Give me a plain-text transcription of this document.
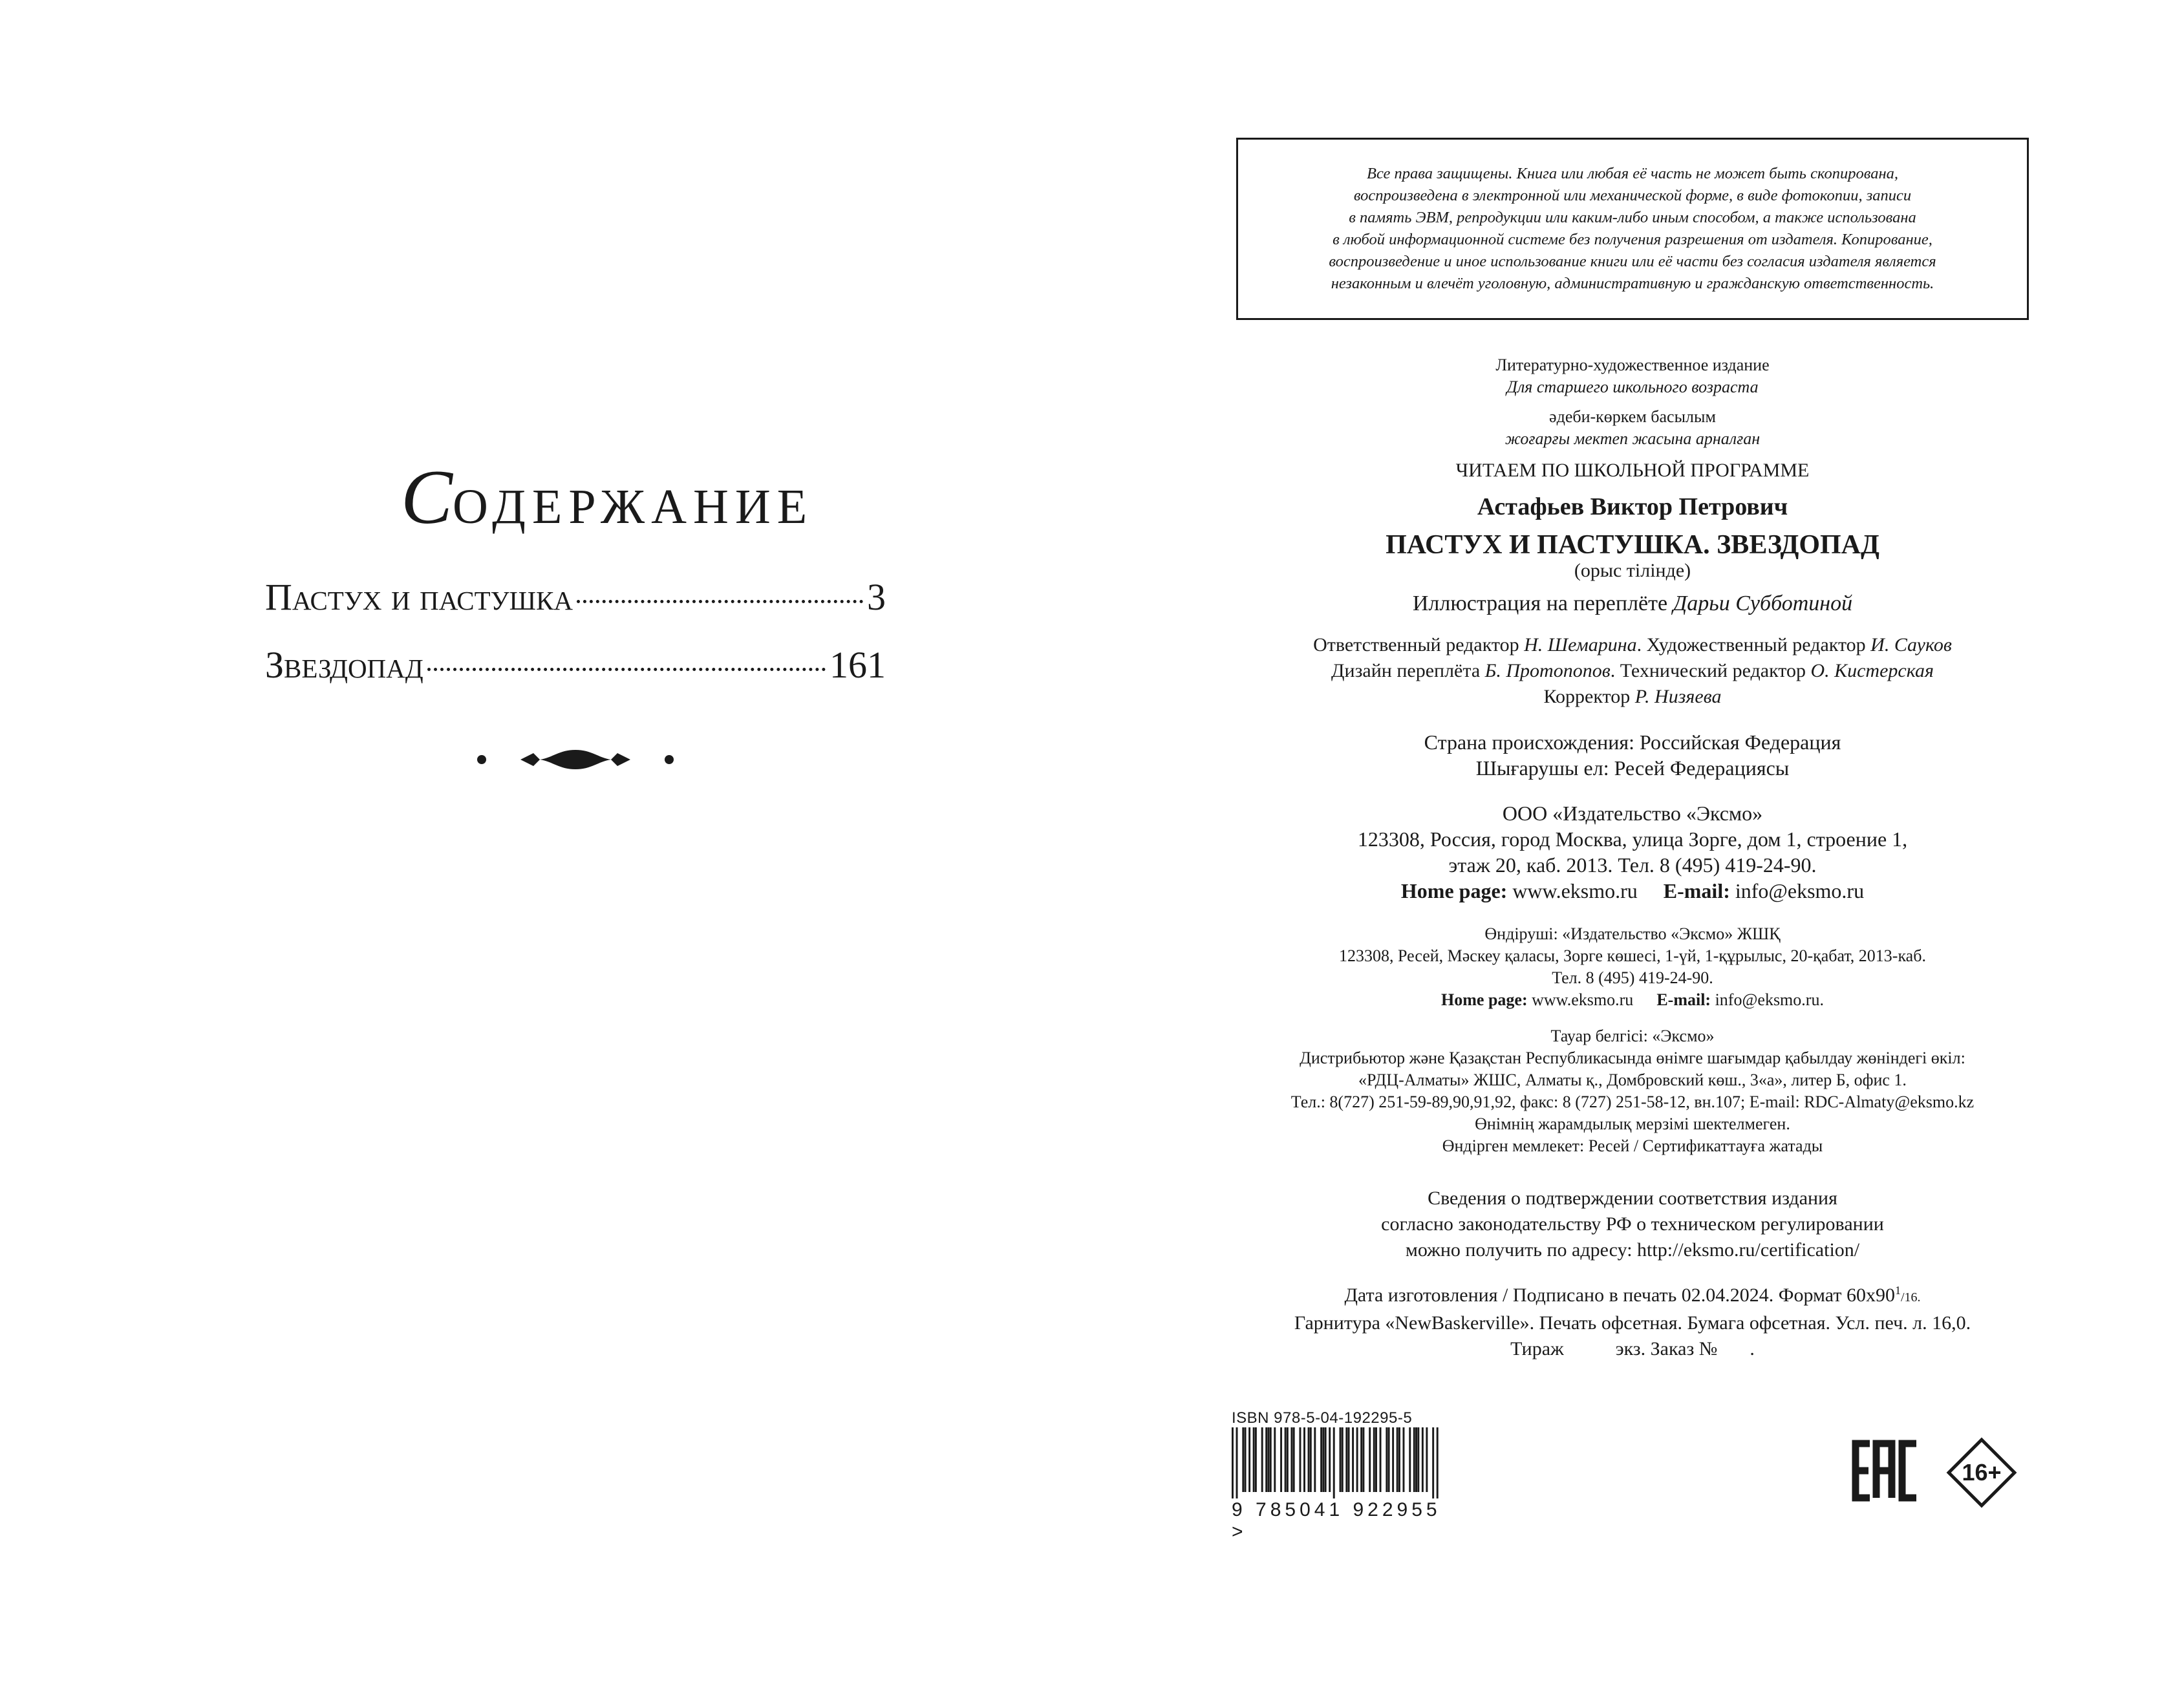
СОДЕРЖАНИЕ
Пастух и пастушка	3
Звездопад	161
Все права защищены. Книга или любая её часть не может быть скопирована,
воспроизведена в электронной или механической форме, в виде фотокопии, записи
в память ЭВМ, репродукции или каким-либо иным способом, а также использована
в любой информационной системе без получения разрешения от издателя. Копирование,
воспроизведение и иное использование книги или её части без согласия издателя является
незаконным и влечёт уголовную, административную и гражданскую ответственность.
Литературно-художественное издание
Для старшего школьного возраста
әдеби-көркем басылым
жоғарғы мектеп жасына арналған
ЧИТАЕМ ПО ШКОЛЬНОЙ ПРОГРАММЕ
Астафьев Виктор Петрович
ПАСТУХ И ПАСТУШКА. ЗВЕЗДОПАД
(орыс тілінде)
Иллюстрация на переплёте Дарьи Субботиной
Ответственный редактор Н. Шемарина. Художественный редактор И. Сауков
Дизайн переплёта Б. Протопопов. Технический редактор О. Кистерская
Корректор Р. Низяева
Страна происхождения: Российская Федерация
Шығарушы ел: Ресей Федерациясы
ООО «Издательство «Эксмо»
123308, Россия, город Москва, улица Зорге, дом 1, строение 1,
этаж 20, каб. 2013. Тел. 8 (495) 419-24-90.
Home page: www.eksmo.ru E-mail: info@eksmo.ru
Өндіруші: «Издательство «Эксмо» ЖШҚ
123308, Ресей, Мәскеу қаласы, Зорге көшесі, 1-үй, 1-құрылыс, 20-қабат, 2013-каб.
Тел. 8 (495) 419-24-90.
Home page: www.eksmo.ru E-mail: info@eksmo.ru.
Тауар белгісі: «Эксмо»
Дистрибьютор және Қазақстан Республикасында өнімге шағымдар қабылдау жөніндегі өкіл:
«РДЦ-Алматы» ЖШС, Алматы қ., Домбровский көш., 3«а», литер Б, офис 1.
Тел.: 8(727) 251-59-89,90,91,92, факс: 8 (727) 251-58-12, вн.107; E-mail: RDC-Almaty@eksmo.kz
Өнімнің жарамдылық мерзімі шектелмеген.
Өндірген мемлекет: Ресей / Сертификаттауға жатады
Сведения о подтверждении соответствия издания
согласно законодательству РФ о техническом регулировании
можно получить по адресу: http://eksmo.ru/certification/
Дата изготовления / Подписано в печать 02.04.2024. Формат $60x90^1/16$.
Гарнитура «NewBaskerville». Печать офсетная. Бумага офсетная. Усл. печ. л. 16,0.
Тираж	экз. Заказ № .
ISBN 978-5-04-192295-5
9 785041 922955 >
16+
